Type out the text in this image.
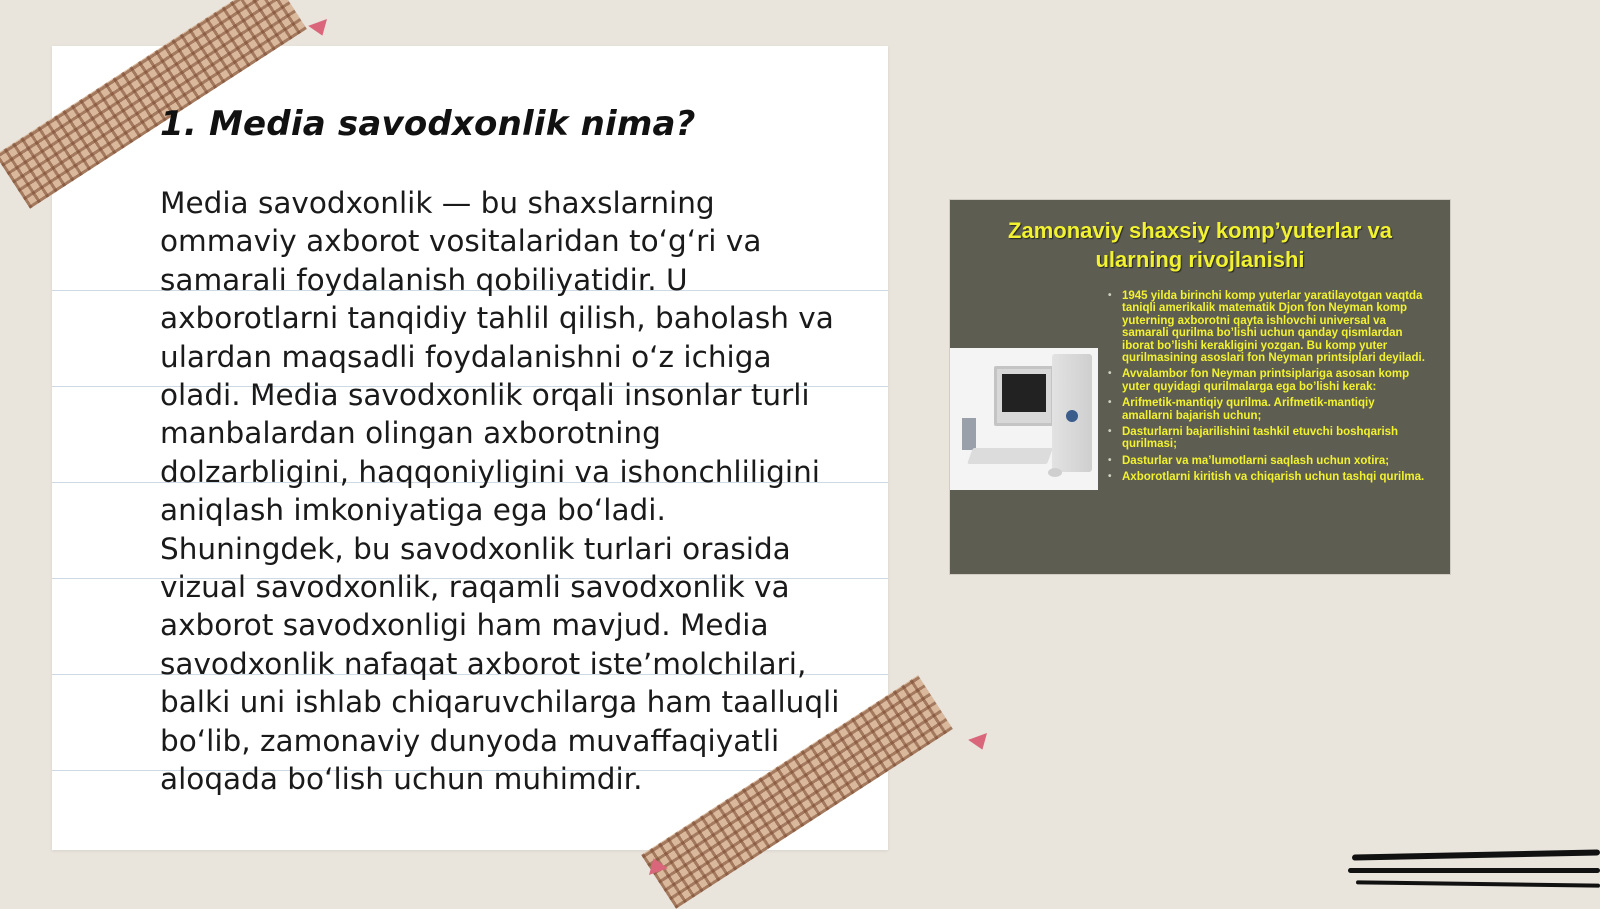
1. Media savodxonlik nima?

Media savodxonlik — bu shaxslarning ommaviy axborot vositalaridan to‘g‘ri va samarali foydalanish qobiliyatidir. U axborotlarni tanqidiy tahlil qilish, baholash va ulardan maqsadli foydalanishni o‘z ichiga oladi. Media savodxonlik orqali insonlar turli manbalardan olingan axborotning dolzarbligini, haqqoniyligini va ishonchliligini aniqlash imkoniyatiga ega bo‘ladi. Shuningdek, bu savodxonlik turlari orasida vizual savodxonlik, raqamli savodxonlik va axborot savodxonligi ham mavjud. Media savodxonlik nafaqat axborot iste’molchilari, balki uni ishlab chiqaruvchilarga ham taalluqli bo‘lib, zamonaviy dunyoda muvaffaqiyatli aloqada bo‘lish uchun muhimdir.

Zamonaviy shaxsiy komp’yuterlar va ularning rivojlanishi
• 1945 yilda birinchi komp yuterlar yaratilayotgan vaqtda taniqli amerikalik matematik Djon fon Neyman komp yuterning axborotni qayta ishlovchi universal va samarali qurilma bo’lishi uchun qanday qismlardan iborat bo’lishi kerakligini yozgan. Bu komp yuter qurilmasining asoslari fon Neyman printsiplari deyiladi.
• Avvalambor fon Neyman printsiplariga asosan komp yuter quyidagi qurilmalarga ega bo’lishi kerak:
• Arifmetik-mantiqiy qurilma. Arifmetik-mantiqiy amallarni bajarish uchun;
• Dasturlarni bajarilishini tashkil etuvchi boshqarish qurilmasi;
• Dasturlar va ma’lumotlarni saqlash uchun xotira;
• Axborotlarni kiritish va chiqarish uchun tashqi qurilma.
